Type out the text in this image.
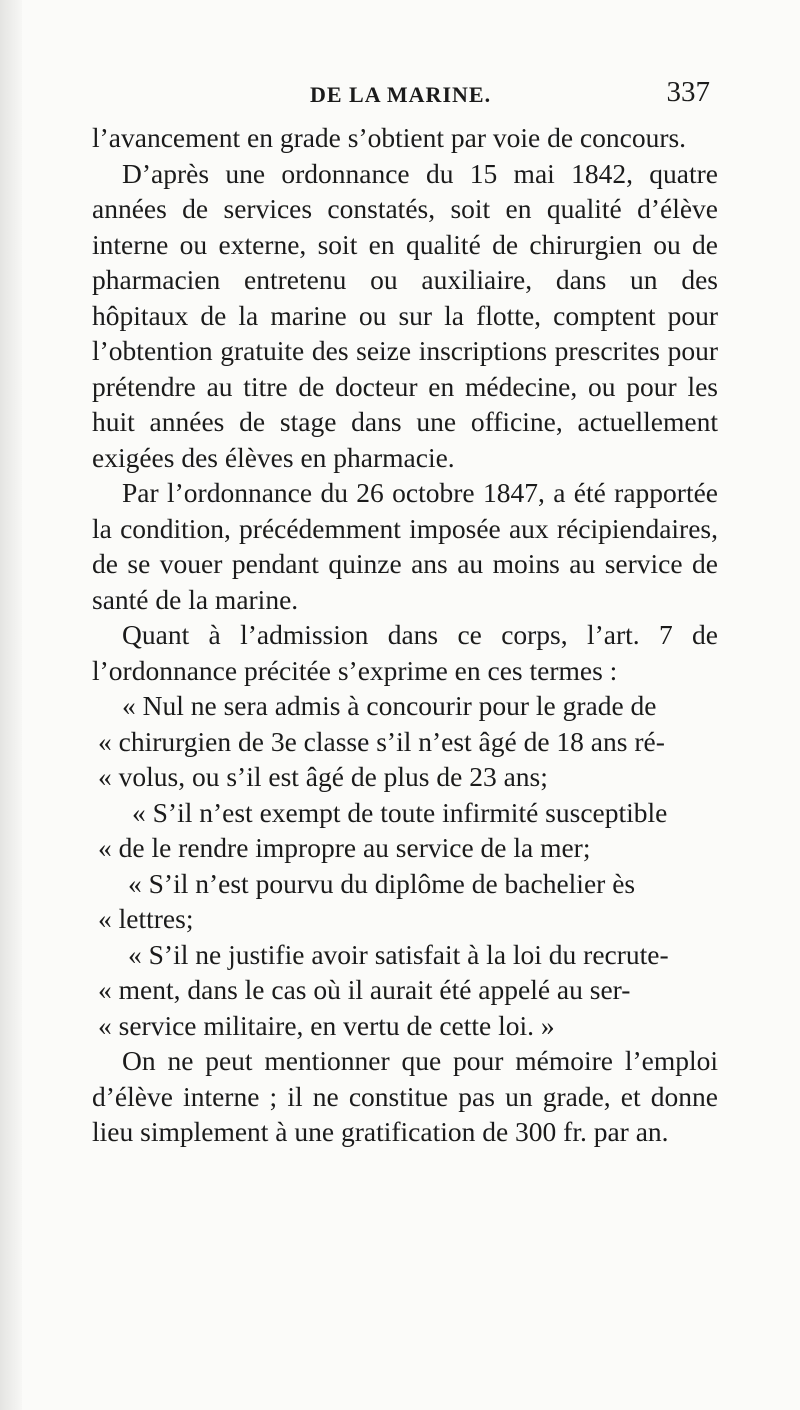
DE LA MARINE.	337

l’avancement en grade s’obtient par voie de concours.

D’après une ordonnance du 15 mai 1842, quatre années de services constatés, soit en qualité d’élève interne ou externe, soit en qualité de chirurgien ou de pharmacien entretenu ou auxiliaire, dans un des hôpitaux de la marine ou sur la flotte, comptent pour l’obtention gratuite des seize inscriptions prescrites pour prétendre au titre de docteur en médecine, ou pour les huit années de stage dans une officine, actuellement exigées des élèves en pharmacie.

Par l’ordonnance du 26 octobre 1847, a été rapportée la condition, précédemment imposée aux récipiendaires, de se vouer pendant quinze ans au moins au service de santé de la marine.

Quant à l’admission dans ce corps, l’art. 7 de l’ordonnance précitée s’exprime en ces termes :

« Nul ne sera admis à concourir pour le grade de
« chirurgien de 3e classe s’il n’est âgé de 18 ans ré-
« volus, ou s’il est âgé de plus de 23 ans;
« S’il n’est exempt de toute infirmité susceptible
« de le rendre impropre au service de la mer;
« S’il n’est pourvu du diplôme de bachelier ès
« lettres;
« S’il ne justifie avoir satisfait à la loi du recrute-
« ment, dans le cas où il aurait été appelé au ser-
« service militaire, en vertu de cette loi. »

On ne peut mentionner que pour mémoire l’emploi d’élève interne ; il ne constitue pas un grade, et donne lieu simplement à une gratification de 300 fr. par an.
